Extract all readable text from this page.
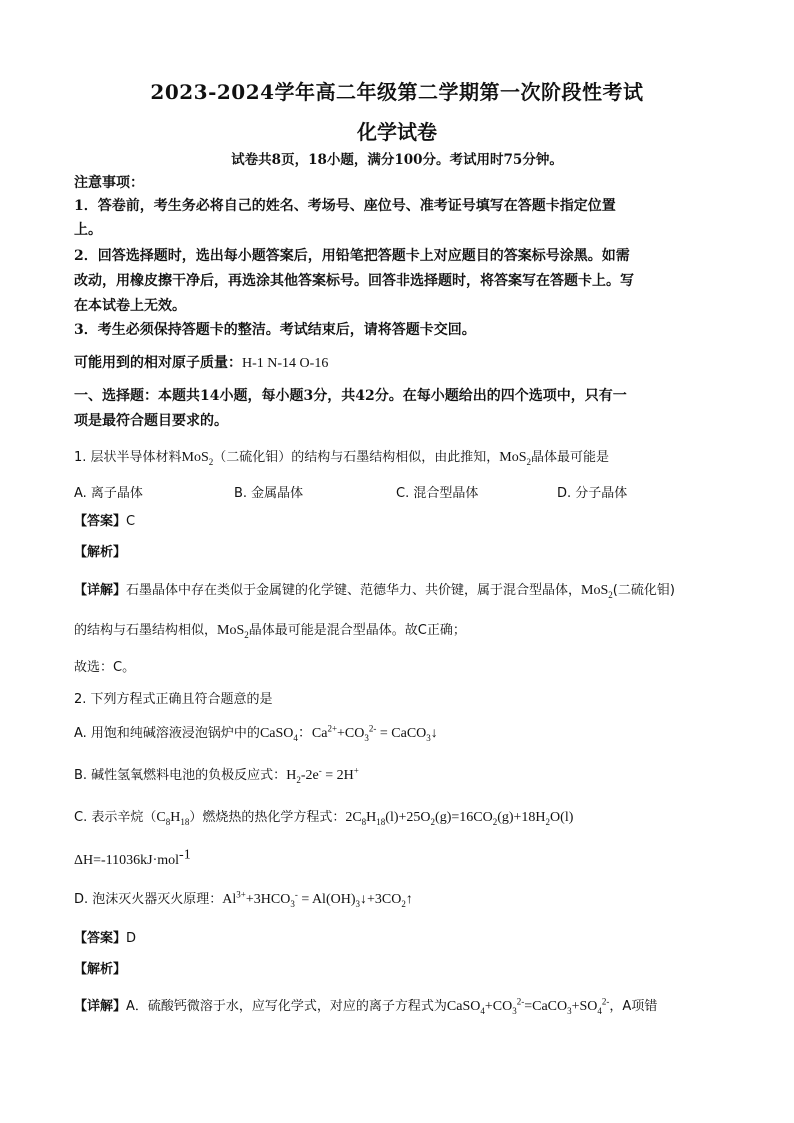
2023-2024学年高二年级第二学期第一次阶段性考试
化学试卷
试卷共8页，18小题，满分100分。考试用时75分钟。
注意事项：
1．答卷前，考生务必将自己的姓名、考场号、座位号、准考证号填写在答题卡指定位置
上。
2．回答选择题时，选出每小题答案后，用铅笔把答题卡上对应题目的答案标号涂黑。如需
改动，用橡皮擦干净后，再选涂其他答案标号。回答非选择题时，将答案写在答题卡上。写
在本试卷上无效。
3．考生必须保持答题卡的整洁。考试结束后，请将答题卡交回。
可能用到的相对原子质量：H-1 N-14 O-16
一、选择题：本题共14小题，每小题3分，共42分。在每小题给出的四个选项中，只有一
项是最符合题目要求的。
1. 层状半导体材料MoS$_2$（二硫化钼）的结构与石墨结构相似，由此推知，MoS$_2$晶体最可能是
A. 离子晶体	B. 金属晶体	C. 混合型晶体	D. 分子晶体
【答案】C
【解析】
【详解】石墨晶体中存在类似于金属键的化学键、范德华力、共价键，属于混合型晶体，MoS$_2$(二硫化钼)
的结构与石墨结构相似，MoS$_2$晶体最可能是混合型晶体。故C正确；
故选：C。
2. 下列方程式正确且符合题意的是
A. 用饱和纯碱溶液浸泡锅炉中的CaSO$_4$：$Ca^{2+}+CO_3^{2-}$ = CaCO$_3$↓
B. 碱性氢氧燃料电池的负极反应式：$H_2-2e^- = 2H^+$
C. 表示辛烷$(C_8H_{18})$燃烧热的热化学方程式：$2C_8H_{18}(l)+25O_2(g)=16CO_2(g)+18H_2O(l)$
ΔH=-11036kJ·mol$^{-1}$
D. 泡沫灭火器灭火原理：$Al^{3+}+3HCO_3^-$ = $Al(OH)_3↓+3CO_2↑$
【答案】D
【解析】
【详解】A．硫酸钙微溶于水，应写化学式，对应的离子方程式为$CaSO_4+CO_3^{2-}=CaCO_3+SO_4^{2-}$，A项错
